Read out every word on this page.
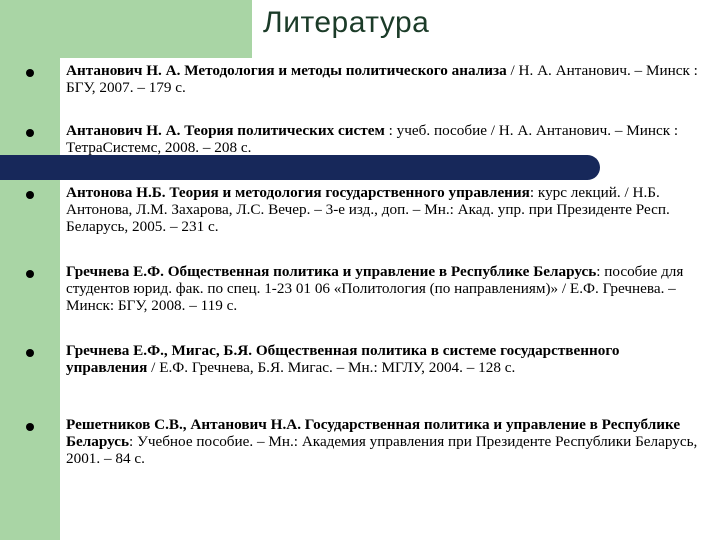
Литература
Антанович Н. А. Методология и методы политического анализа / Н. А. Антанович. – Минск : БГУ, 2007. – 179 с.
Антанович Н. А. Теория политических систем : учеб. пособие / Н. А. Антанович. – Минск : ТетраСистемс, 2008. – 208 с.
Антонова Н.Б. Теория и методология государственного управления: курс лекций. / Н.Б. Антонова, Л.М. Захарова, Л.С. Вечер. – 3-е изд., доп. – Мн.: Акад. упр. при Президенте Респ. Беларусь, 2005. – 231 с.
Гречнева Е.Ф. Общественная политика и управление в Республике Беларусь: пособие для студентов юрид. фак. по спец. 1-23 01 06 «Политология (по направлениям)» / Е.Ф. Гречнева. – Минск: БГУ, 2008. – 119 с.
Гречнева Е.Ф., Мигас, Б.Я. Общественная политика в системе государственного управления / Е.Ф. Гречнева, Б.Я. Мигас. – Мн.: МГЛУ, 2004. – 128 с.
Решетников С.В., Антанович Н.А. Государственная политика и управление в Республике Беларусь: Учебное пособие. – Мн.: Академия управления при Президенте Республики Беларусь, 2001. – 84 с.
